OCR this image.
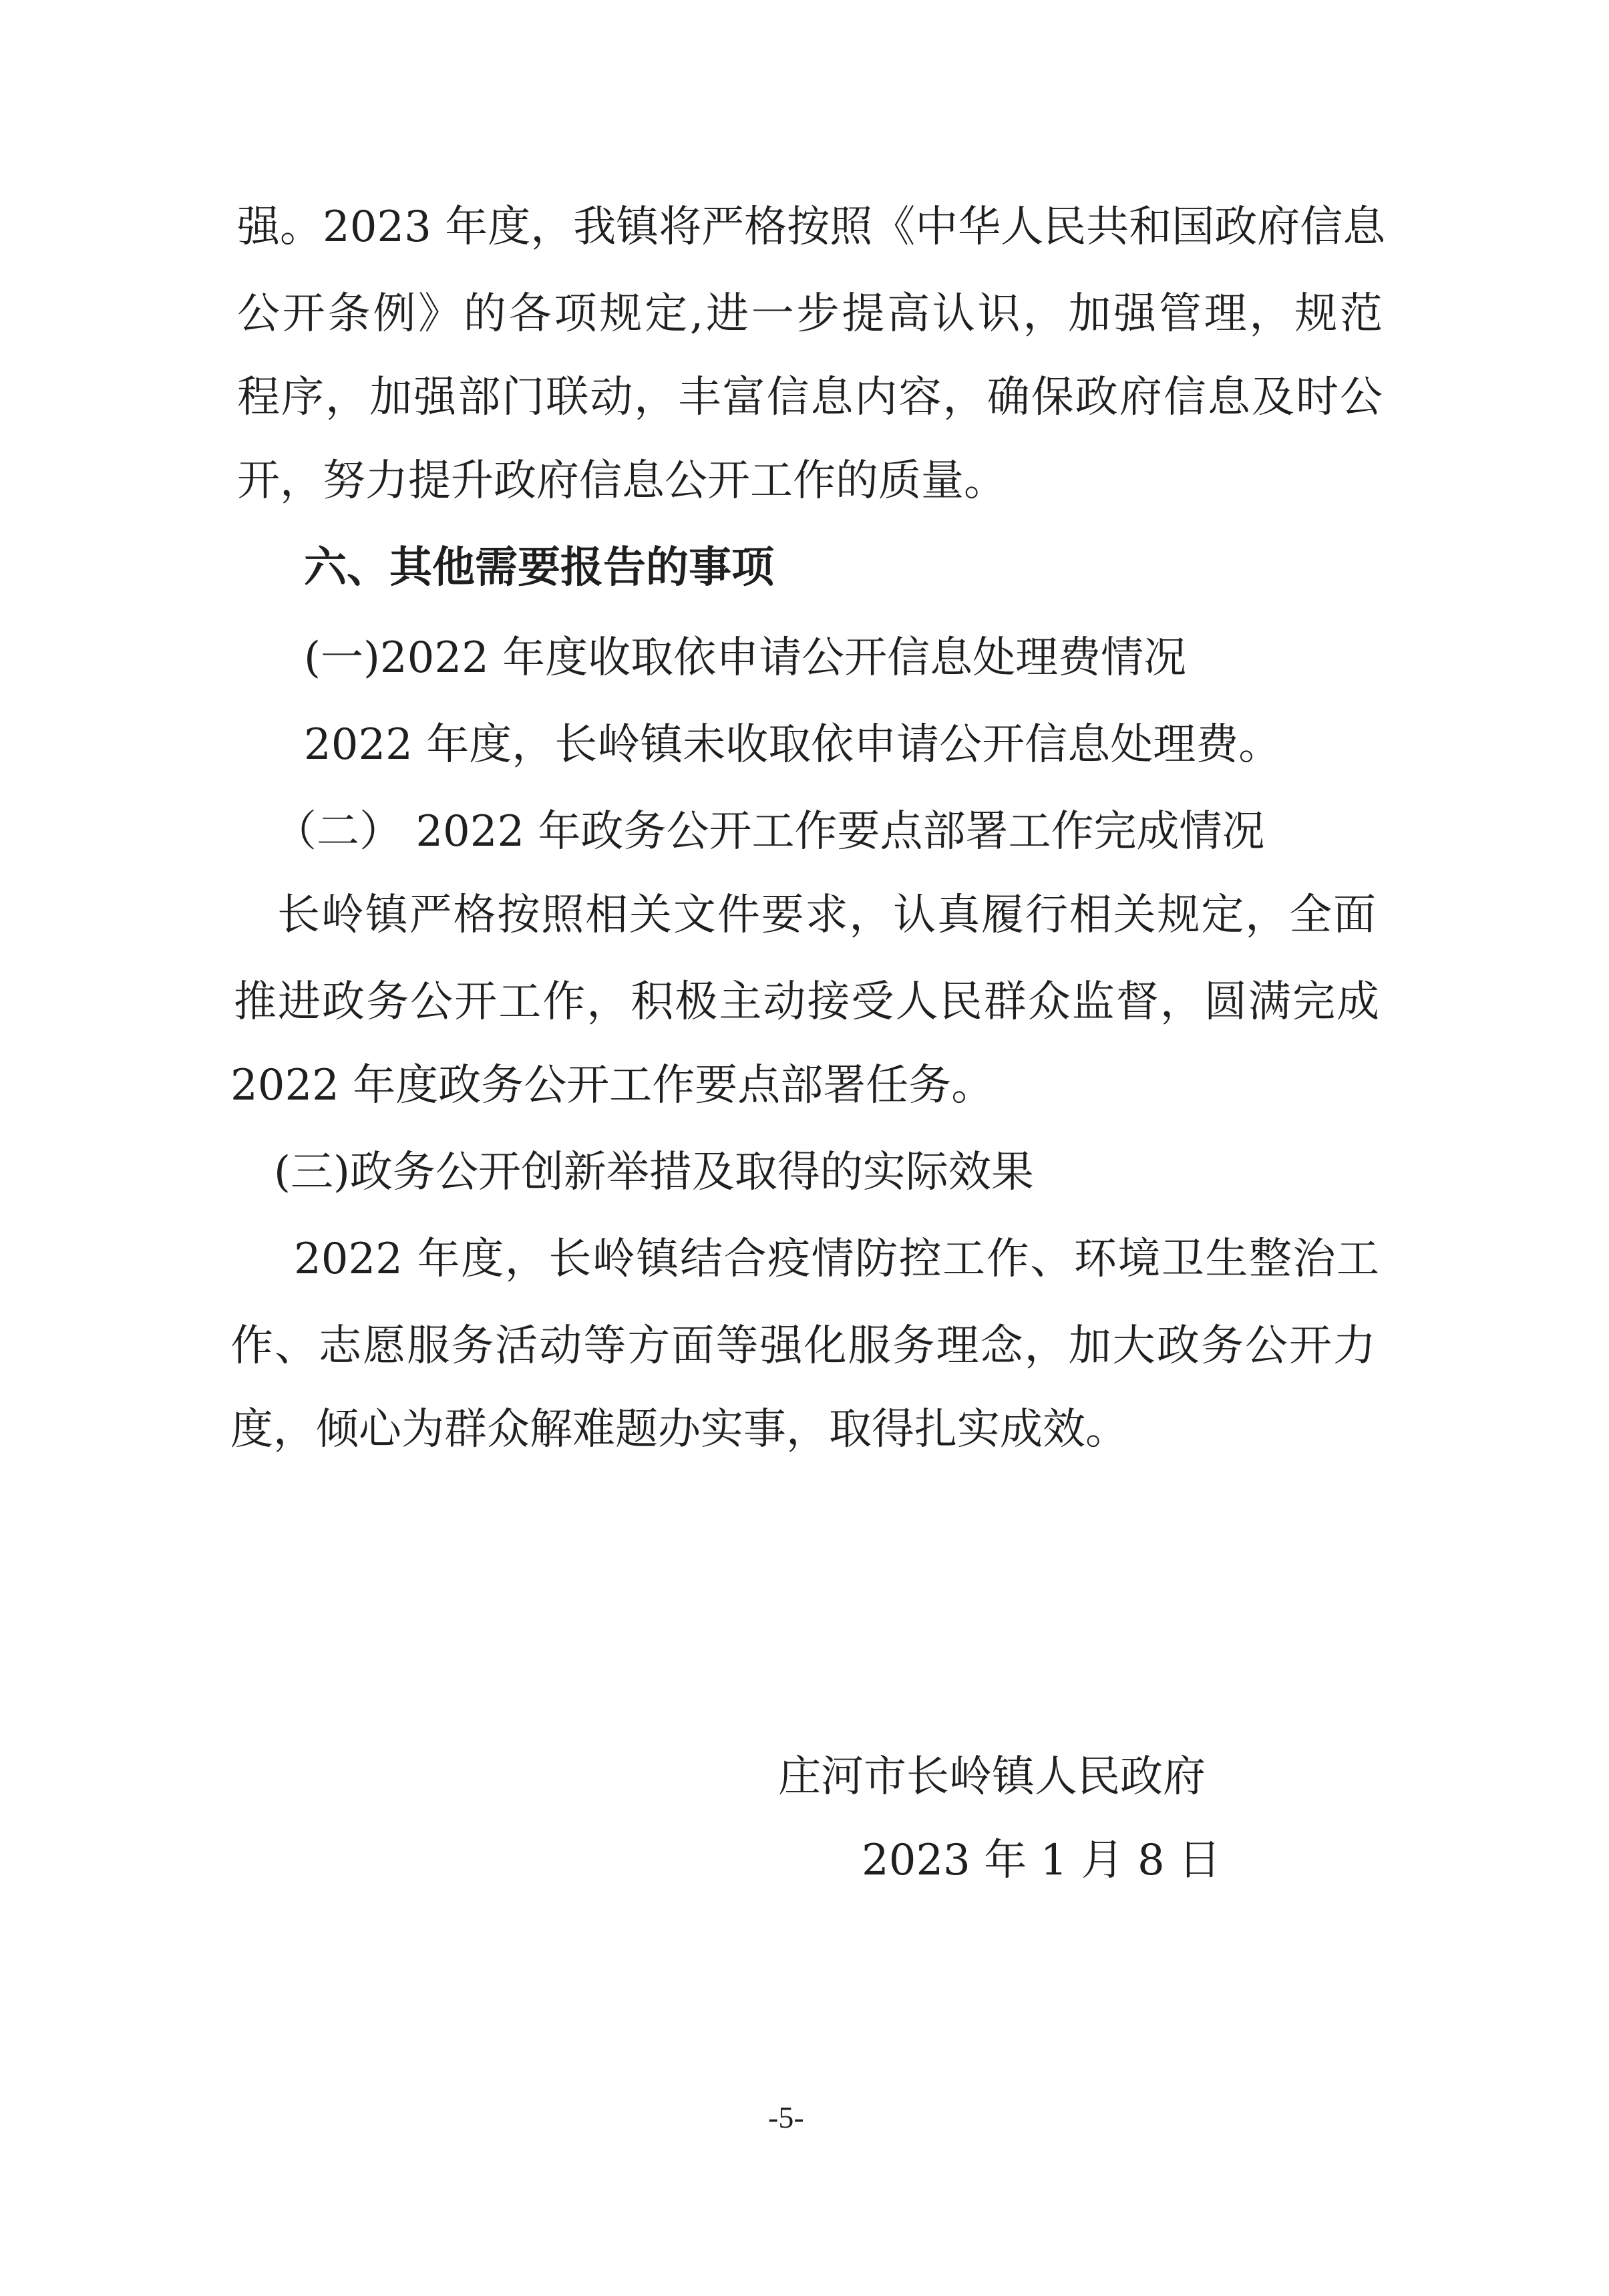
强。2023 年度，我镇将严格按照《中华人民共和国政府信息

公开条例》的各项规定,进一步提高认识，加强管理，规范

程序，加强部门联动，丰富信息内容，确保政府信息及时公

开，努力提升政府信息公开工作的质量。

六、其他需要报告的事项

(一)2022 年度收取依申请公开信息处理费情况

2022 年度，长岭镇未收取依申请公开信息处理费。

（二） 2022 年政务公开工作要点部署工作完成情况

长岭镇严格按照相关文件要求，认真履行相关规定，全面

推进政务公开工作，积极主动接受人民群众监督，圆满完成

2022 年度政务公开工作要点部署任务。

(三)政务公开创新举措及取得的实际效果

2022 年度，长岭镇结合疫情防控工作、环境卫生整治工

作、志愿服务活动等方面等强化服务理念，加大政务公开力

度，倾心为群众解难题办实事，取得扎实成效。

庄河市长岭镇人民政府

2023 年 1 月 8 日

-5-
